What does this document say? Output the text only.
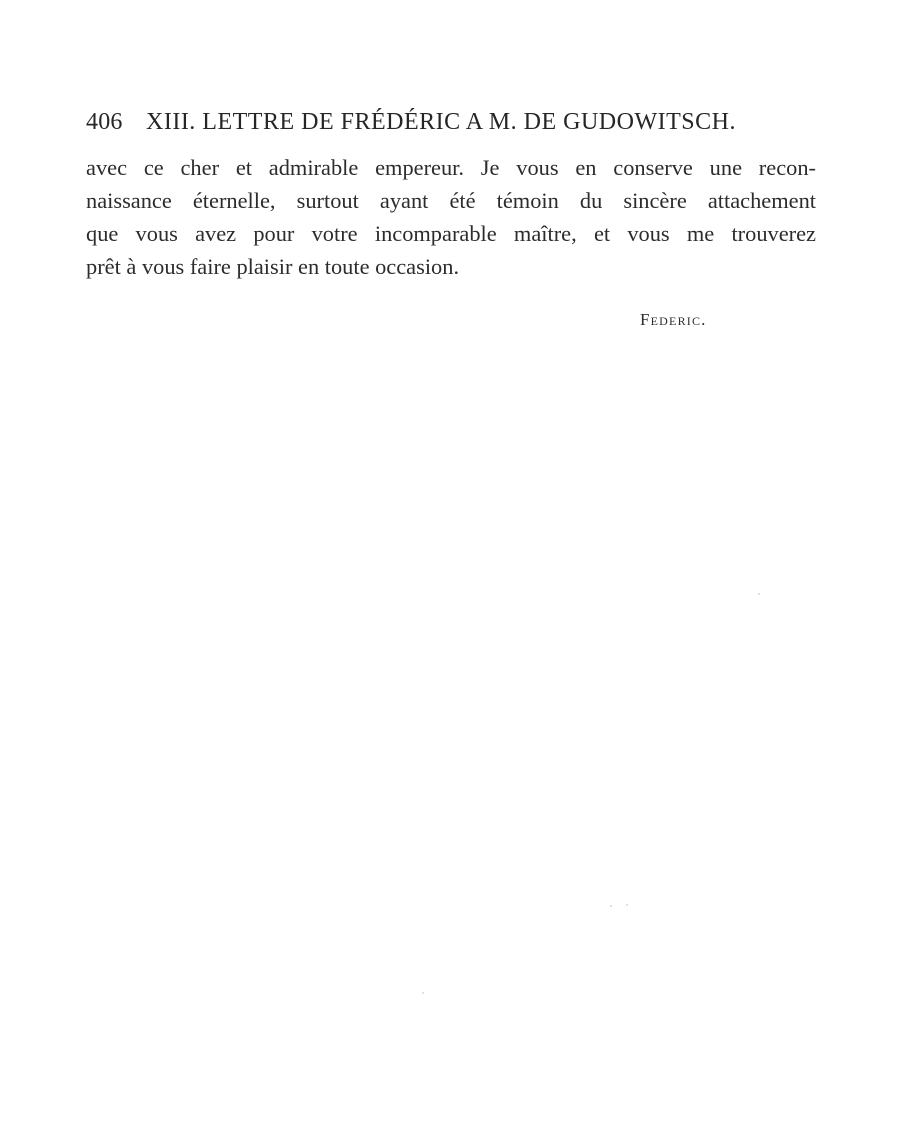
406 XIII. LETTRE DE FRÉDÉRIC A M. DE GUDOWITSCH.
avec ce cher et admirable empereur. Je vous en conserve une recon-
naissance éternelle, surtout ayant été témoin du sincère attachement
que vous avez pour votre incomparable maître, et vous me trouverez
prêt à vous faire plaisir en toute occasion.
Federic.
